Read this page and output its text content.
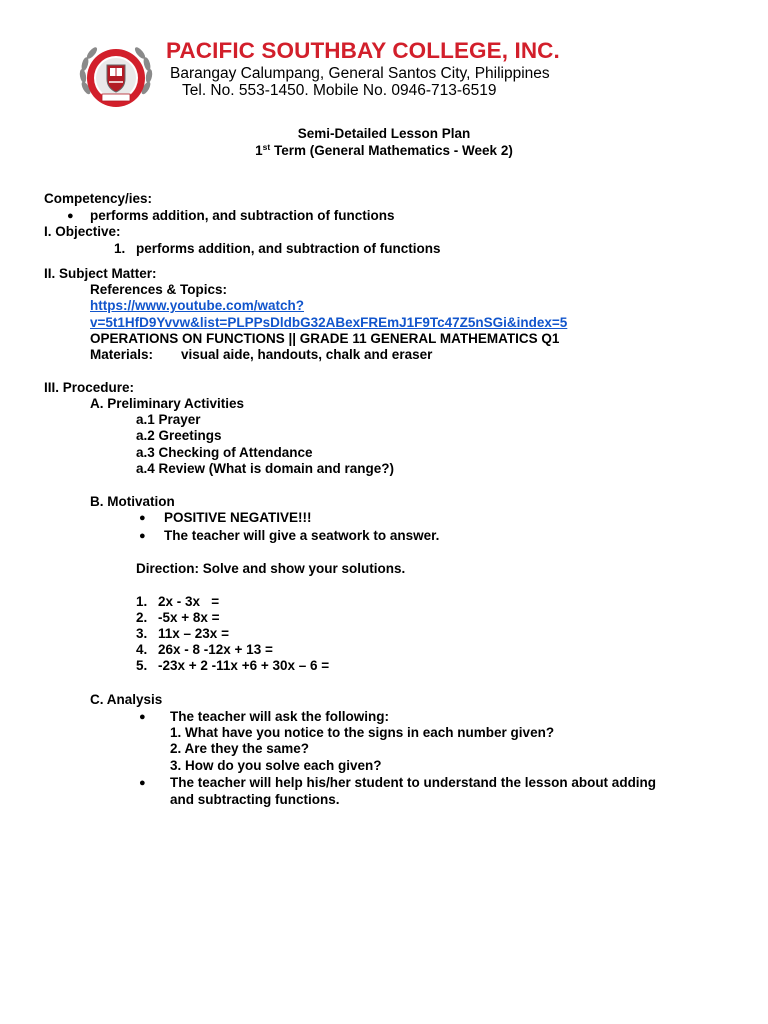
PACIFIC SOUTHBAY COLLEGE, INC.
Barangay Calumpang, General Santos City, Philippines
Tel. No. 553-1450. Mobile No. 0946-713-6519
Semi-Detailed Lesson Plan
1st Term (General Mathematics - Week 2)
Competency/ies:
● performs addition, and subtraction of functions
I. Objective:
1. performs addition, and subtraction of functions
II. Subject Matter:
References & Topics:
https://www.youtube.com/watch?
v=5t1HfD9Yvvw&list=PLPPsDldbG32ABexFREmJ1F9Tc47Z5nSGi&index=5
OPERATIONS ON FUNCTIONS || GRADE 11 GENERAL MATHEMATICS Q1
Materials: visual aide, handouts, chalk and eraser
III. Procedure:
A. Preliminary Activities
a.1 Prayer
a.2 Greetings
a.3 Checking of Attendance
a.4 Review (What is domain and range?)
B. Motivation
● POSITIVE NEGATIVE!!!
● The teacher will give a seatwork to answer.
Direction: Solve and show your solutions.
1. 2x - 3x   =
2. -5x + 8x =
3. 11x – 23x =
4. 26x - 8 -12x + 13 =
5. -23x + 2 -11x +6 + 30x – 6 =
C. Analysis
● The teacher will ask the following:
1. What have you notice to the signs in each number given?
2. Are they the same?
3. How do you solve each given?
● The teacher will help his/her student to understand the lesson about adding
and subtracting functions.
